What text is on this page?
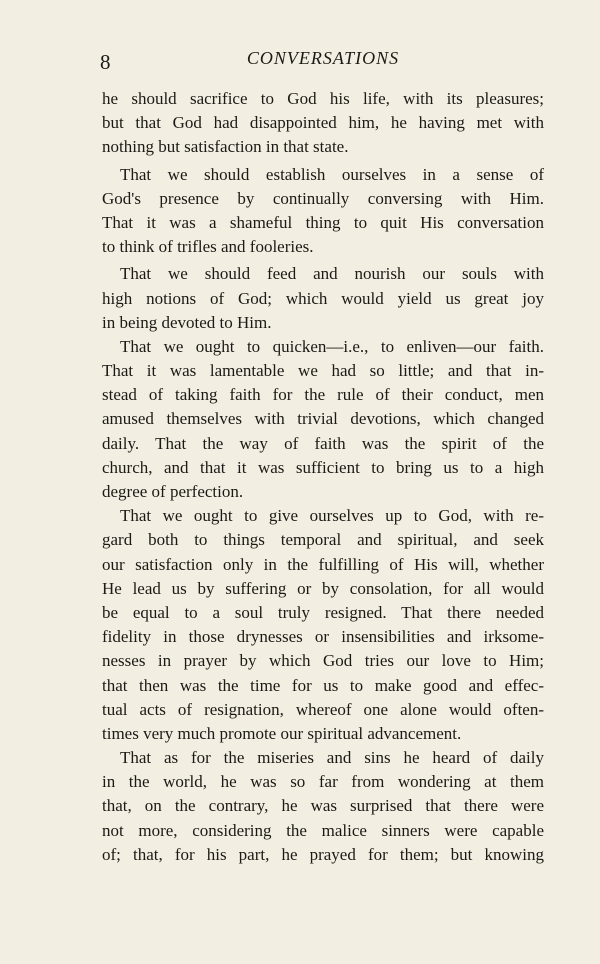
8	CONVERSATIONS
he should sacrifice to God his life, with its pleasures;
but that God had disappointed him, he having met with
nothing but satisfaction in that state.
That we should establish ourselves in a sense of
God's presence by continually conversing with Him.
That it was a shameful thing to quit His conversation
to think of trifles and fooleries.
That we should feed and nourish our souls with
high notions of God; which would yield us great joy
in being devoted to Him.
That we ought to quicken—i.e., to enliven—our faith.
That it was lamentable we had so little; and that in-
stead of taking faith for the rule of their conduct, men
amused themselves with trivial devotions, which changed
daily. That the way of faith was the spirit of the
church, and that it was sufficient to bring us to a high
degree of perfection.
That we ought to give ourselves up to God, with re-
gard both to things temporal and spiritual, and seek
our satisfaction only in the fulfilling of His will, whether
He lead us by suffering or by consolation, for all would
be equal to a soul truly resigned. That there needed
fidelity in those drynesses or insensibilities and irksome-
nesses in prayer by which God tries our love to Him;
that then was the time for us to make good and effec-
tual acts of resignation, whereof one alone would often-
times very much promote our spiritual advancement.
That as for the miseries and sins he heard of daily
in the world, he was so far from wondering at them
that, on the contrary, he was surprised that there were
not more, considering the malice sinners were capable
of; that, for his part, he prayed for them; but knowing
